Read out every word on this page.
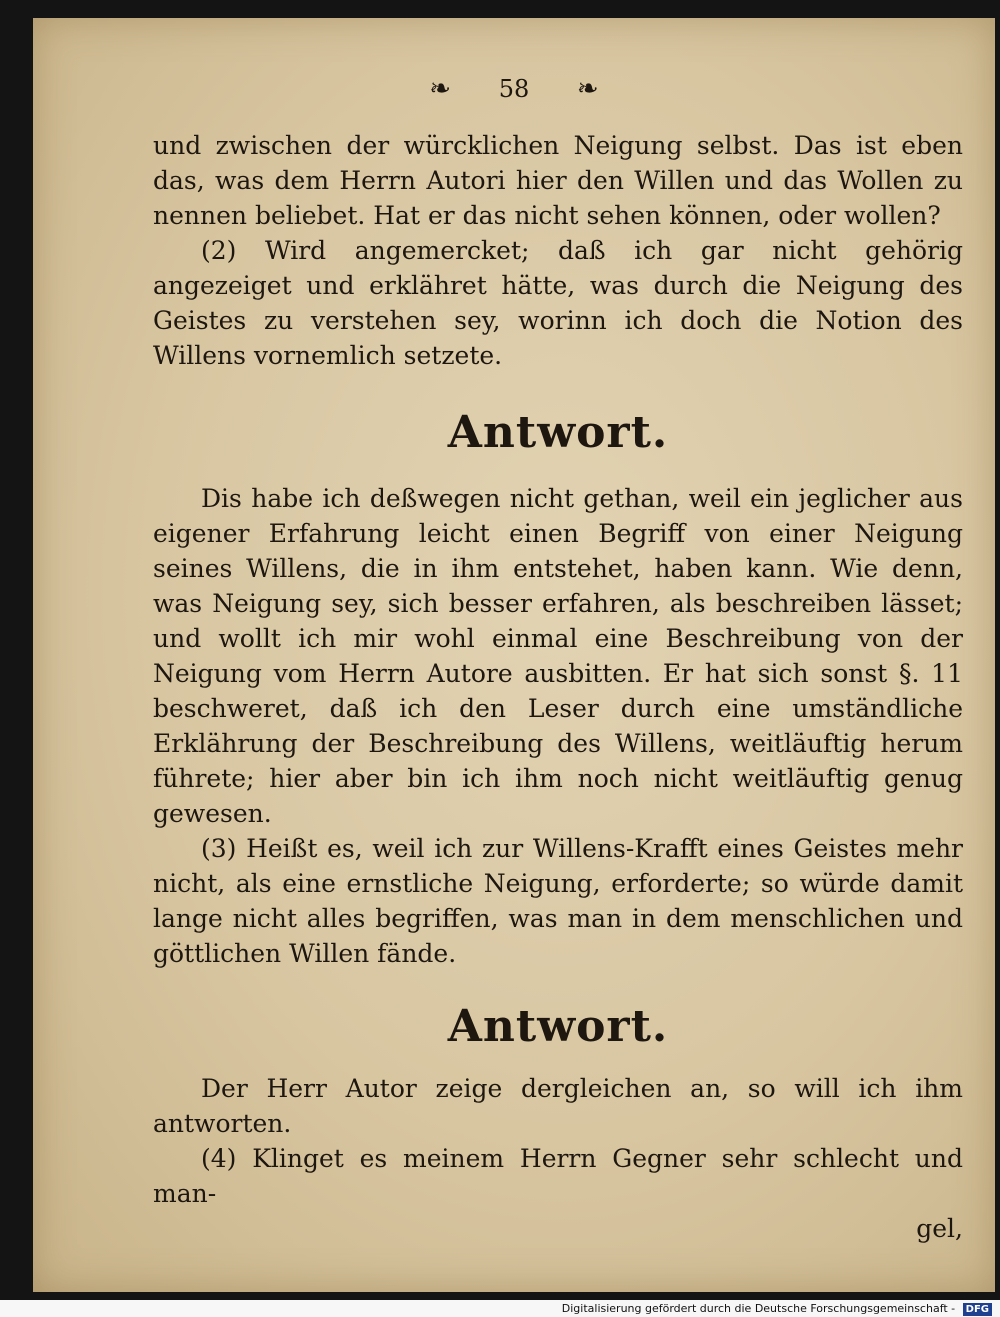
❧ 58 ❧

und zwischen der würcklichen Neigung selbst. Das ist eben das, was dem Herrn Autori hier den Willen und das Wollen zu nennen beliebet. Hat er das nicht sehen können, oder wollen?

(2) Wird angemercket; daß ich gar nicht gehörig angezeiget und erklähret hätte, was durch die Neigung des Geistes zu verstehen sey, worinn ich doch die Notion des Willens vornemlich setzete.

Antwort.

Dis habe ich deßwegen nicht gethan, weil ein jeglicher aus eigener Erfahrung leicht einen Begriff von einer Neigung seines Willens, die in ihm entstehet, haben kann. Wie denn, was Neigung sey, sich besser erfahren, als beschreiben lässet; und wollt ich mir wohl einmal eine Beschreibung von der Neigung vom Herrn Autore ausbitten. Er hat sich sonst §. 11 beschweret, daß ich den Leser durch eine umständliche Erklährung der Beschreibung des Willens, weitläuftig herum führete; hier aber bin ich ihm noch nicht weitläuftig genug gewesen.

(3) Heißt es, weil ich zur Willens-Krafft eines Geistes mehr nicht, als eine ernstliche Neigung, erforderte; so würde damit lange nicht alles begriffen, was man in dem menschlichen und göttlichen Willen fände.

Antwort.

Der Herr Autor zeige dergleichen an, so will ich ihm antworten.

(4) Klinget es meinem Herrn Gegner sehr schlecht und man-

gel,

Digitalisierung gefördert durch die Deutsche Forschungsgemeinschaft - DFG
